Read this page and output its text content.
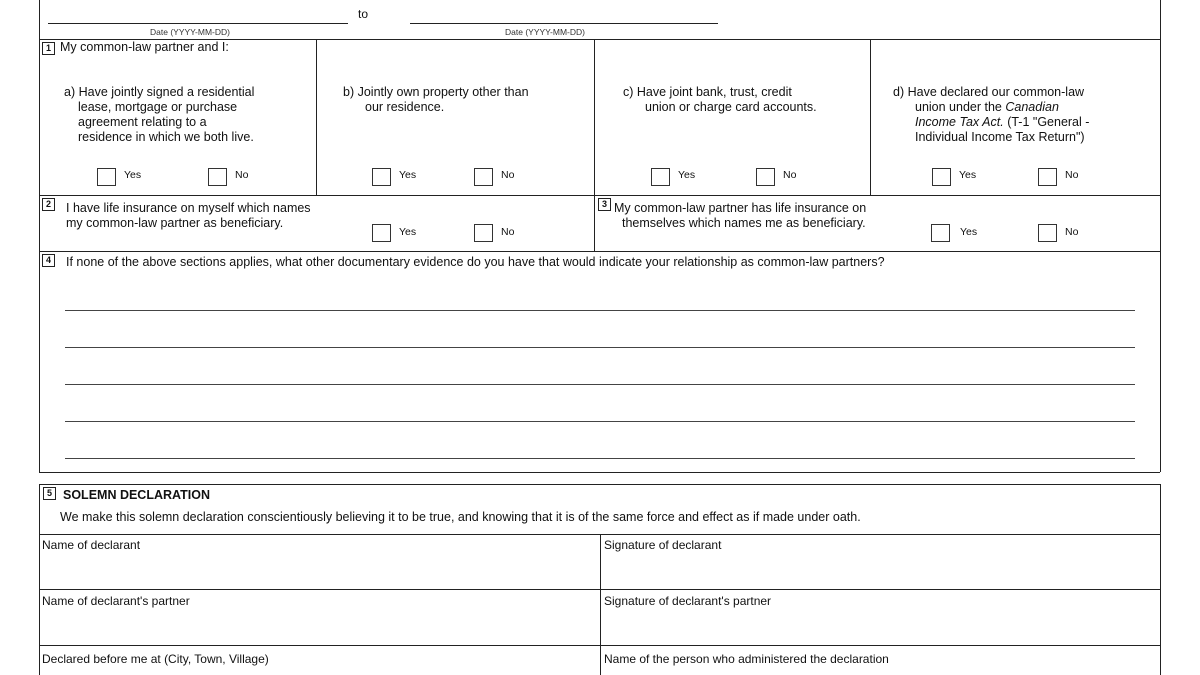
Date (YYYY-MM-DD)
to
Date (YYYY-MM-DD)
1 My common-law partner and I:
a) Have jointly signed a residential
lease, mortgage or purchase
agreement relating to a
residence in which we both live.
Yes	No
b) Jointly own property other than
our residence.
Yes	No
c) Have joint bank, trust, credit
union or charge card accounts.
Yes	No
d) Have declared our common-law
union under the Canadian
Income Tax Act. (T-1 "General -
Individual Income Tax Return")
Yes	No
2	I have life insurance on myself which names
my common-law partner as beneficiary.
Yes	No
3 My common-law partner has life insurance on
themselves which names me as beneficiary.
Yes	No
4	If none of the above sections applies, what other documentary evidence do you have that would indicate your relationship as common-law partners?
5 SOLEMN DECLARATION
We make this solemn declaration conscientiously believing it to be true, and knowing that it is of the same force and effect as if made under oath.
Name of declarant	Signature of declarant
Name of declarant's partner	Signature of declarant's partner
Declared before me at (City, Town, Village)	Name of the person who administered the declaration
